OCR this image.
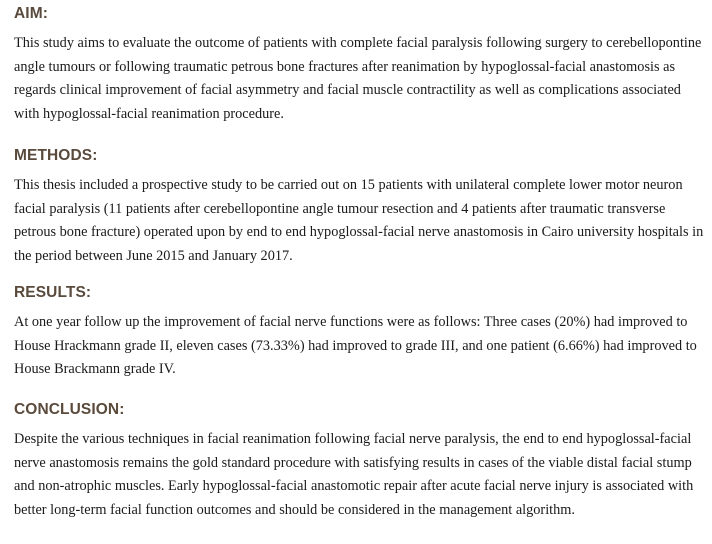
AIM:

This study aims to evaluate the outcome of patients with complete facial paralysis following surgery to cerebellopontine angle tumours or following traumatic petrous bone fractures after reanimation by hypoglossal-facial anastomosis as regards clinical improvement of facial asymmetry and facial muscle contractility as well as complications associated with hypoglossal-facial reanimation procedure.

METHODS:

This thesis included a prospective study to be carried out on 15 patients with unilateral complete lower motor neuron facial paralysis (11 patients after cerebellopontine angle tumour resection and 4 patients after traumatic transverse petrous bone fracture) operated upon by end to end hypoglossal-facial nerve anastomosis in Cairo university hospitals in the period between June 2015 and January 2017.

RESULTS:

At one year follow up the improvement of facial nerve functions were as follows: Three cases (20%) had improved to House Hrackmann grade II, eleven cases (73.33%) had improved to grade III, and one patient (6.66%) had improved to House Brackmann grade IV.

CONCLUSION:

Despite the various techniques in facial reanimation following facial nerve paralysis, the end to end hypoglossal-facial nerve anastomosis remains the gold standard procedure with satisfying results in cases of the viable distal facial stump and non-atrophic muscles. Early hypoglossal-facial anastomotic repair after acute facial nerve injury is associated with better long-term facial function outcomes and should be considered in the management algorithm.
